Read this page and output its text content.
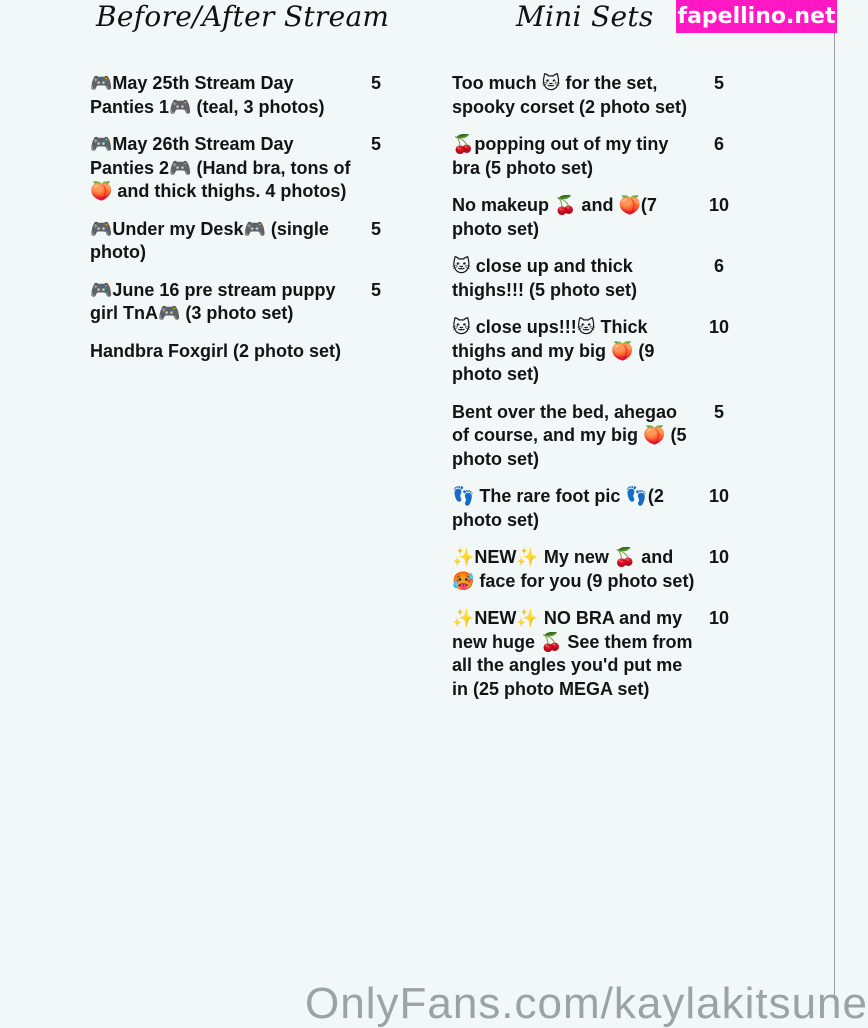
Before/After Stream	Mini Sets fapellino.net
🎮May 25th Stream Day Panties 1🎮 (teal, 3 photos)
5
🎮May 26th Stream Day Panties 2🎮 (Hand bra, tons of 🍑 and thick thighs. 4 photos)
5
🎮Under my Desk🎮 (single photo)
5
🎮June 16 pre stream puppy girl TnA🎮 (3 photo set)
5
Handbra Foxgirl (2 photo set)
Too much 🐱 for the set, spooky corset (2 photo set)
5
🍒popping out of my tiny bra (5 photo set)
6
No makeup 🍒 and 🍑(7 photo set)
10
🐱 close up and thick thighs!!! (5 photo set)
6
🐱 close ups!!!🐱 Thick thighs and my big 🍑 (9 photo set)
10
Bent over the bed, ahegao of course, and my big 🍑 (5 photo set)
5
👣 The rare foot pic 👣(2 photo set)
10
✨NEW✨ My new 🍒 and 🥵 face for you (9 photo set)
10
✨NEW✨ NO BRA and my new huge 🍒 See them from all the angles you'd put me in (25 photo MEGA set)
10
OnlyFans.com/kaylakitsune
